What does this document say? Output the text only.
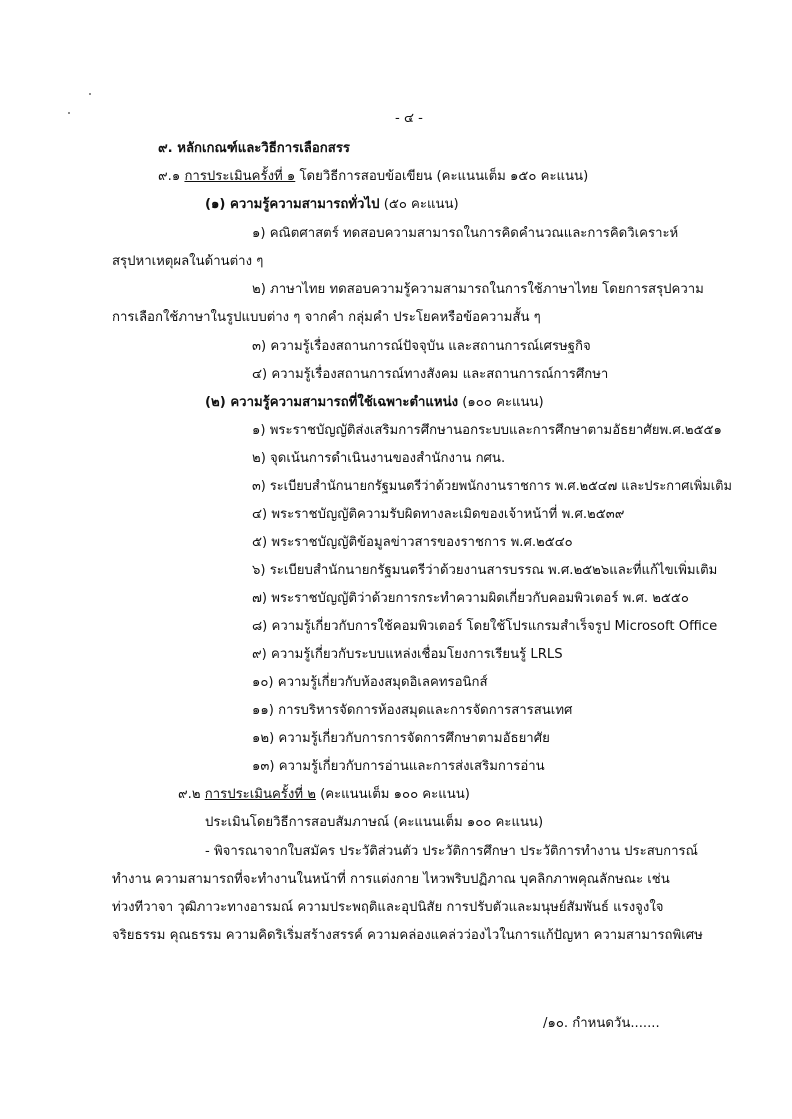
- ๔ -
๙. หลักเกณฑ์และวิธีการเลือกสรร
๙.๑ การประเมินครั้งที่ ๑ โดยวิธีการสอบข้อเขียน (คะแนนเต็ม ๑๕๐ คะแนน)
(๑) ความรู้ความสามารถทั่วไป (๕๐ คะแนน)
๑) คณิตศาสตร์ ทดสอบความสามารถในการคิดคำนวณและการคิดวิเคราะห์
สรุปหาเหตุผลในด้านต่าง ๆ
๒) ภาษาไทย ทดสอบความรู้ความสามารถในการใช้ภาษาไทย โดยการสรุปความ
การเลือกใช้ภาษาในรูปแบบต่าง ๆ จากคำ กลุ่มคำ ประโยคหรือข้อความสั้น ๆ
๓) ความรู้เรื่องสถานการณ์ปัจจุบัน และสถานการณ์เศรษฐกิจ
๔) ความรู้เรื่องสถานการณ์ทางสังคม และสถานการณ์การศึกษา
(๒) ความรู้ความสามารถที่ใช้เฉพาะตำแหน่ง (๑๐๐ คะแนน)
๑) พระราชบัญญัติส่งเสริมการศึกษานอกระบบและการศึกษาตามอัธยาศัยพ.ศ.๒๕๕๑
๒) จุดเน้นการดำเนินงานของสำนักงาน กศน.
๓) ระเบียบสำนักนายกรัฐมนตรีว่าด้วยพนักงานราชการ พ.ศ.๒๕๔๗ และประกาศเพิ่มเติม
๔) พระราชบัญญัติความรับผิดทางละเมิดของเจ้าหน้าที่ พ.ศ.๒๕๓๙
๕) พระราชบัญญัติข้อมูลข่าวสารของราชการ พ.ศ.๒๕๔๐
๖) ระเบียบสำนักนายกรัฐมนตรีว่าด้วยงานสารบรรณ พ.ศ.๒๕๒๖และที่แก้ไขเพิ่มเติม
๗) พระราชบัญญัติว่าด้วยการกระทำความผิดเกี่ยวกับคอมพิวเตอร์ พ.ศ. ๒๕๕๐
๘) ความรู้เกี่ยวกับการใช้คอมพิวเตอร์ โดยใช้โปรแกรมสำเร็จรูป Microsoft Office
๙) ความรู้เกี่ยวกับระบบแหล่งเชื่อมโยงการเรียนรู้ LRLS
๑๐) ความรู้เกี่ยวกับห้องสมุดอิเลคทรอนิกส์
๑๑) การบริหารจัดการห้องสมุดและการจัดการสารสนเทศ
๑๒) ความรู้เกี่ยวกับการการจัดการศึกษาตามอัธยาศัย
๑๓) ความรู้เกี่ยวกับการอ่านและการส่งเสริมการอ่าน
๙.๒ การประเมินครั้งที่ ๒ (คะแนนเต็ม ๑๐๐ คะแนน)
ประเมินโดยวิธีการสอบสัมภาษณ์ (คะแนนเต็ม ๑๐๐ คะแนน)
- พิจารณาจากใบสมัคร ประวัติส่วนตัว ประวัติการศึกษา ประวัติการทำงาน ประสบการณ์
ทำงาน ความสามารถที่จะทำงานในหน้าที่ การแต่งกาย ไหวพริบปฏิภาณ บุคลิกภาพคุณลักษณะ เช่น
ท่วงทีวาจา วุฒิภาวะทางอารมณ์ ความประพฤติและอุปนิสัย การปรับตัวและมนุษย์สัมพันธ์ แรงจูงใจ
จริยธรรม คุณธรรม ความคิดริเริ่มสร้างสรรค์ ความคล่องแคล่วว่องไวในการแก้ปัญหา ความสามารถพิเศษ
/๑๐. กำหนดวัน.......
